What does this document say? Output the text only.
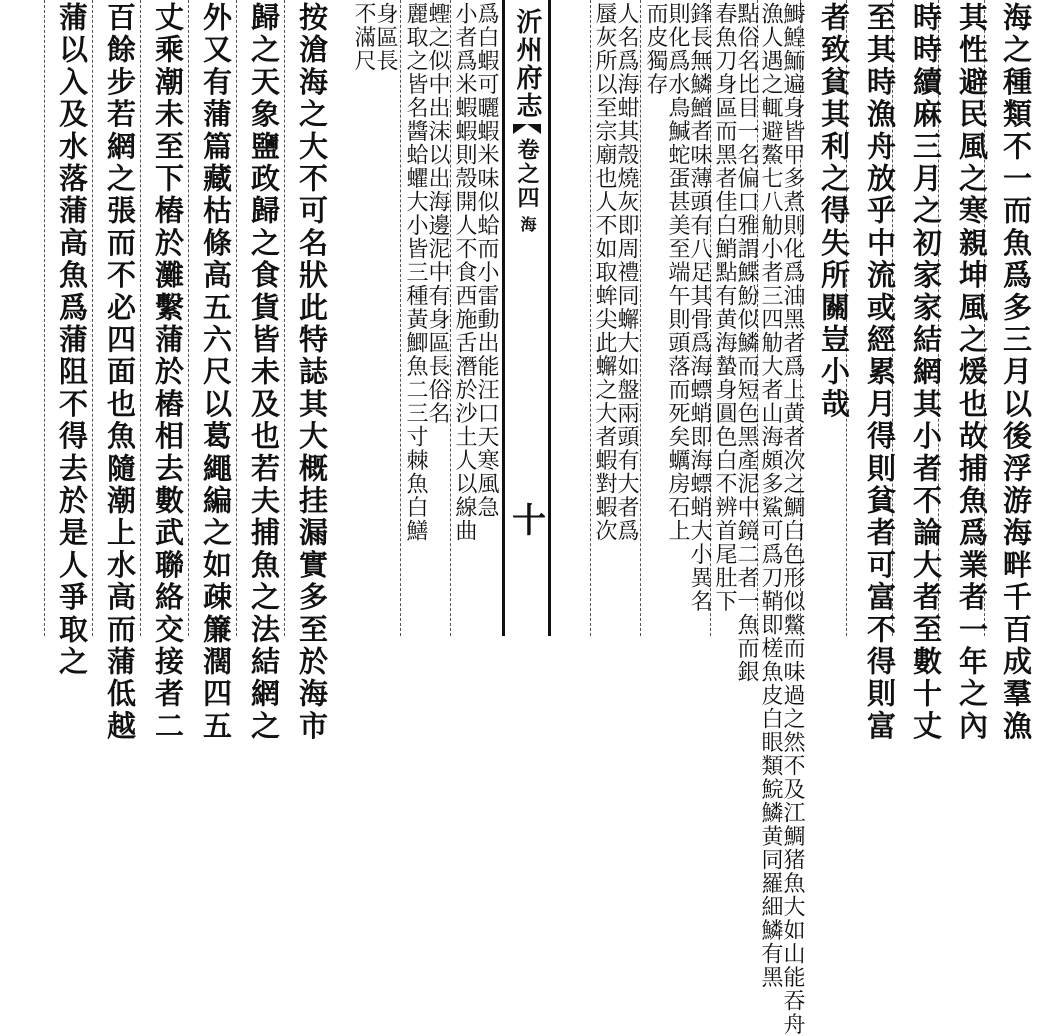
海之種類不一而魚爲多三月以後浮游海畔千百成羣漁
其性避民風之寒親坤風之煖也故捕魚爲業者一年之內
時時續麻三月之初家家結網其小者不論大者至數十丈
至其時漁舟放乎中流或經累月得則貧者可富不得則富
者致貧其利之得失所關豈小哉
鰣鰉鮞遍身皆甲多煮則化爲油黑者爲上黄者次之鯛白色形似鱉而味過之然不及江鯛猪魚大如山能吞舟
漁人遇之輒避鰲七八觔小者三四觔大者山海頗多鯊可爲刀鞘即槎魚皮白眼類鯇鱗黄同羅細鱗有黑
點俗名比目一名偏口雅謂鰈魵似鱗而短色黑產泥中鏡二者一魚而銀
春魚刀身區而黑者佳白鮹點有黄海蟄身圓色白不辨首尾肚下
鋒長無鱗鱛者味薄頭有八足其骨爲海螵蛸即海螵蛸大小異名
則化爲水鳥鰔蛇蛋甚美至端午則頭落而死矣蠣房石上
而皮獨存
人名爲海蚶其殼燒灰即周禮同蠏大如盤兩頭有大者爲
蜃灰所以至宗廟也人不如取蛑尖此蠏之大者蝦對蝦次
沂州府志
卷之四
海
十
爲白蝦可曬蝦米味似蛤而小雷動出能汪口天寒風急
小者爲米蝦蝦則殼開人不食西施舌潛於沙土人以線曲
蟶之似中出沫以出海邊泥中有身區長俗名
麗取之皆名醬蛤蠷大小皆三種黃鯽魚二三寸棘魚白鱔
不滿尺
身區長
按滄海之大不可名狀此特誌其大概挂漏實多至於海市
歸之天象鹽政歸之食貨皆未及也若夫捕魚之法結網之
外又有蒲篇藏枯條高五六尺以葛繩編之如疎簾濶四五
丈乘潮未至下樁於灘繫蒲於樁相去數武聯絡交接者二
百餘步若網之張而不必四面也魚隨潮上水高而蒲低越
蒲以入及水落蒲高魚爲蒲阻不得去於是人爭取之
